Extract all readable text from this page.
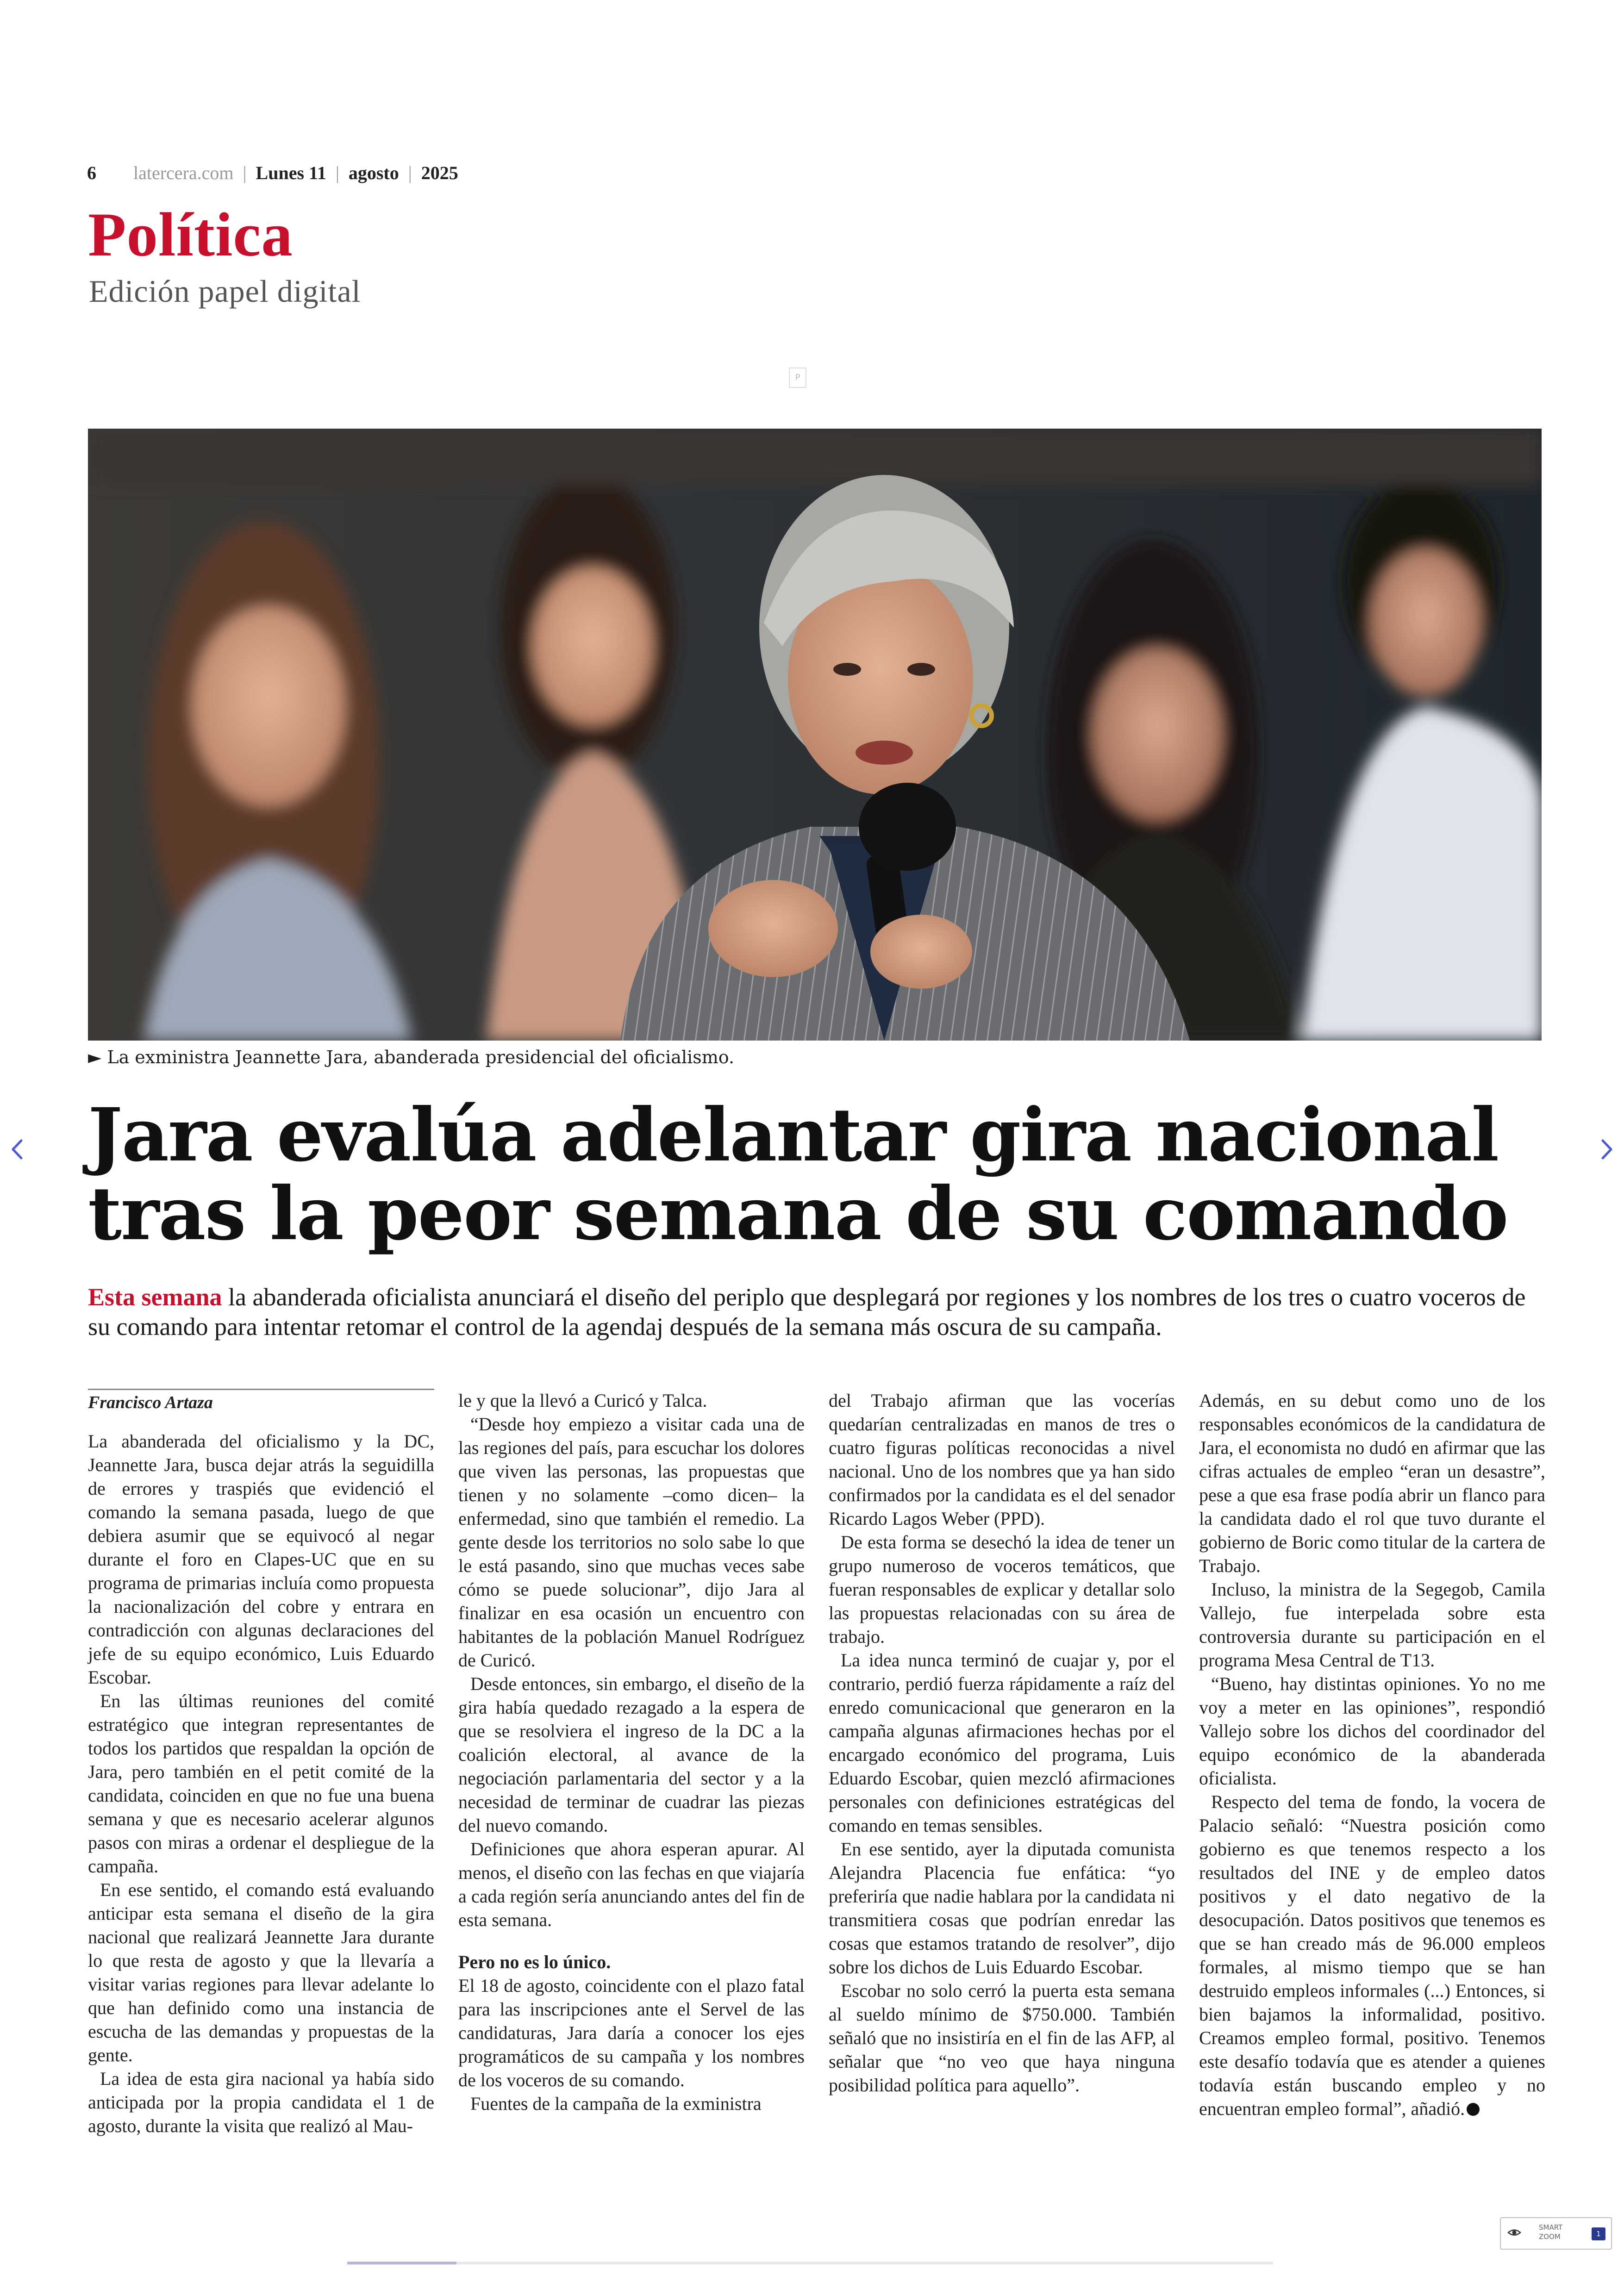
6 latercera.com | Lunes 11 | agosto | 2025
Política
Edición papel digital
P
► La exministra Jeannette Jara, abanderada presidencial del oficialismo.
Jara evalúa adelantar gira nacional
tras la peor semana de su comando
Esta semana la abanderada oficialista anunciará el diseño del periplo que desplegará por regiones y los nombres de los tres o cuatro voceros de su comando para intentar retomar el control de la agendaj después de la semana más oscura de su campaña.
Francisco Artaza

La abanderada del oficialismo y la DC, Jeannette Jara, busca dejar atrás la seguidilla de errores y traspiés que evidenció el comando la semana pasada, luego de que debiera asumir que se equivocó al negar durante el foro en Clapes-UC que en su programa de primarias incluía como propuesta la nacionalización del cobre y entrara en contradicción con algunas declaraciones del jefe de su equipo económico, Luis Eduardo Escobar.

En las últimas reuniones del comité estratégico que integran representantes de todos los partidos que respaldan la opción de Jara, pero también en el petit comité de la candidata, coinciden en que no fue una buena semana y que es necesario acelerar algunos pasos con miras a ordenar el despliegue de la campaña.

En ese sentido, el comando está evaluando anticipar esta semana el diseño de la gira nacional que realizará Jeannette Jara durante lo que resta de agosto y que la llevaría a visitar varias regiones para llevar adelante lo que han definido como una instancia de escucha de las demandas y propuestas de la gente.

La idea de esta gira nacional ya había sido anticipada por la propia candidata el 1 de agosto, durante la visita que realizó al Mau-

le y que la llevó a Curicó y Talca.

“Desde hoy empiezo a visitar cada una de las regiones del país, para escuchar los dolores que viven las personas, las propuestas que tienen y no solamente –como dicen– la enfermedad, sino que también el remedio. La gente desde los territorios no solo sabe lo que le está pasando, sino que muchas veces sabe cómo se puede solucionar”, dijo Jara al finalizar en esa ocasión un encuentro con habitantes de la población Manuel Rodríguez de Curicó.

Desde entonces, sin embargo, el diseño de la gira había quedado rezagado a la espera de que se resolviera el ingreso de la DC a la coalición electoral, al avance de la negociación parlamentaria del sector y a la necesidad de terminar de cuadrar las piezas del nuevo comando.

Definiciones que ahora esperan apurar. Al menos, el diseño con las fechas en que viajaría a cada región sería anunciando antes del fin de esta semana.

Pero no es lo único.

El 18 de agosto, coincidente con el plazo fatal para las inscripciones ante el Servel de las candidaturas, Jara daría a conocer los ejes programáticos de su campaña y los nombres de los voceros de su comando.

Fuentes de la campaña de la exministra

del Trabajo afirman que las vocerías quedarían centralizadas en manos de tres o cuatro figuras políticas reconocidas a nivel nacional. Uno de los nombres que ya han sido confirmados por la candidata es el del senador Ricardo Lagos Weber (PPD).

De esta forma se desechó la idea de tener un grupo numeroso de voceros temáticos, que fueran responsables de explicar y detallar solo las propuestas relacionadas con su área de trabajo.

La idea nunca terminó de cuajar y, por el contrario, perdió fuerza rápidamente a raíz del enredo comunicacional que generaron en la campaña algunas afirmaciones hechas por el encargado económico del programa, Luis Eduardo Escobar, quien mezcló afirmaciones personales con definiciones estratégicas del comando en temas sensibles.

En ese sentido, ayer la diputada comunista Alejandra Placencia fue enfática: “yo preferiría que nadie hablara por la candidata ni transmitiera cosas que podrían enredar las cosas que estamos tratando de resolver”, dijo sobre los dichos de Luis Eduardo Escobar.

Escobar no solo cerró la puerta esta semana al sueldo mínimo de $750.000. También señaló que no insistiría en el fin de las AFP, al señalar que “no veo que haya ninguna posibilidad política para aquello”.

Además, en su debut como uno de los responsables económicos de la candidatura de Jara, el economista no dudó en afirmar que las cifras actuales de empleo “eran un desastre”, pese a que esa frase podía abrir un flanco para la candidata dado el rol que tuvo durante el gobierno de Boric como titular de la cartera de Trabajo.

Incluso, la ministra de la Segegob, Camila Vallejo, fue interpelada sobre esta controversia durante su participación en el programa Mesa Central de T13.

“Bueno, hay distintas opiniones. Yo no me voy a meter en las opiniones”, respondió Vallejo sobre los dichos del coordinador del equipo económico de la abanderada oficialista.

Respecto del tema de fondo, la vocera de Palacio señaló: “Nuestra posición como gobierno es que tenemos respecto a los resultados del INE y de empleo datos positivos y el dato negativo de la desocupación. Datos positivos que tenemos es que se han creado más de 96.000 empleos formales, al mismo tiempo que se han destruido empleos informales (...) Entonces, si bien bajamos la informalidad, positivo. Creamos empleo formal, positivo. Tenemos este desafío todavía que es atender a quienes todavía están buscando empleo y no encuentran empleo formal”, añadió.

SMART
ZOOM	1
